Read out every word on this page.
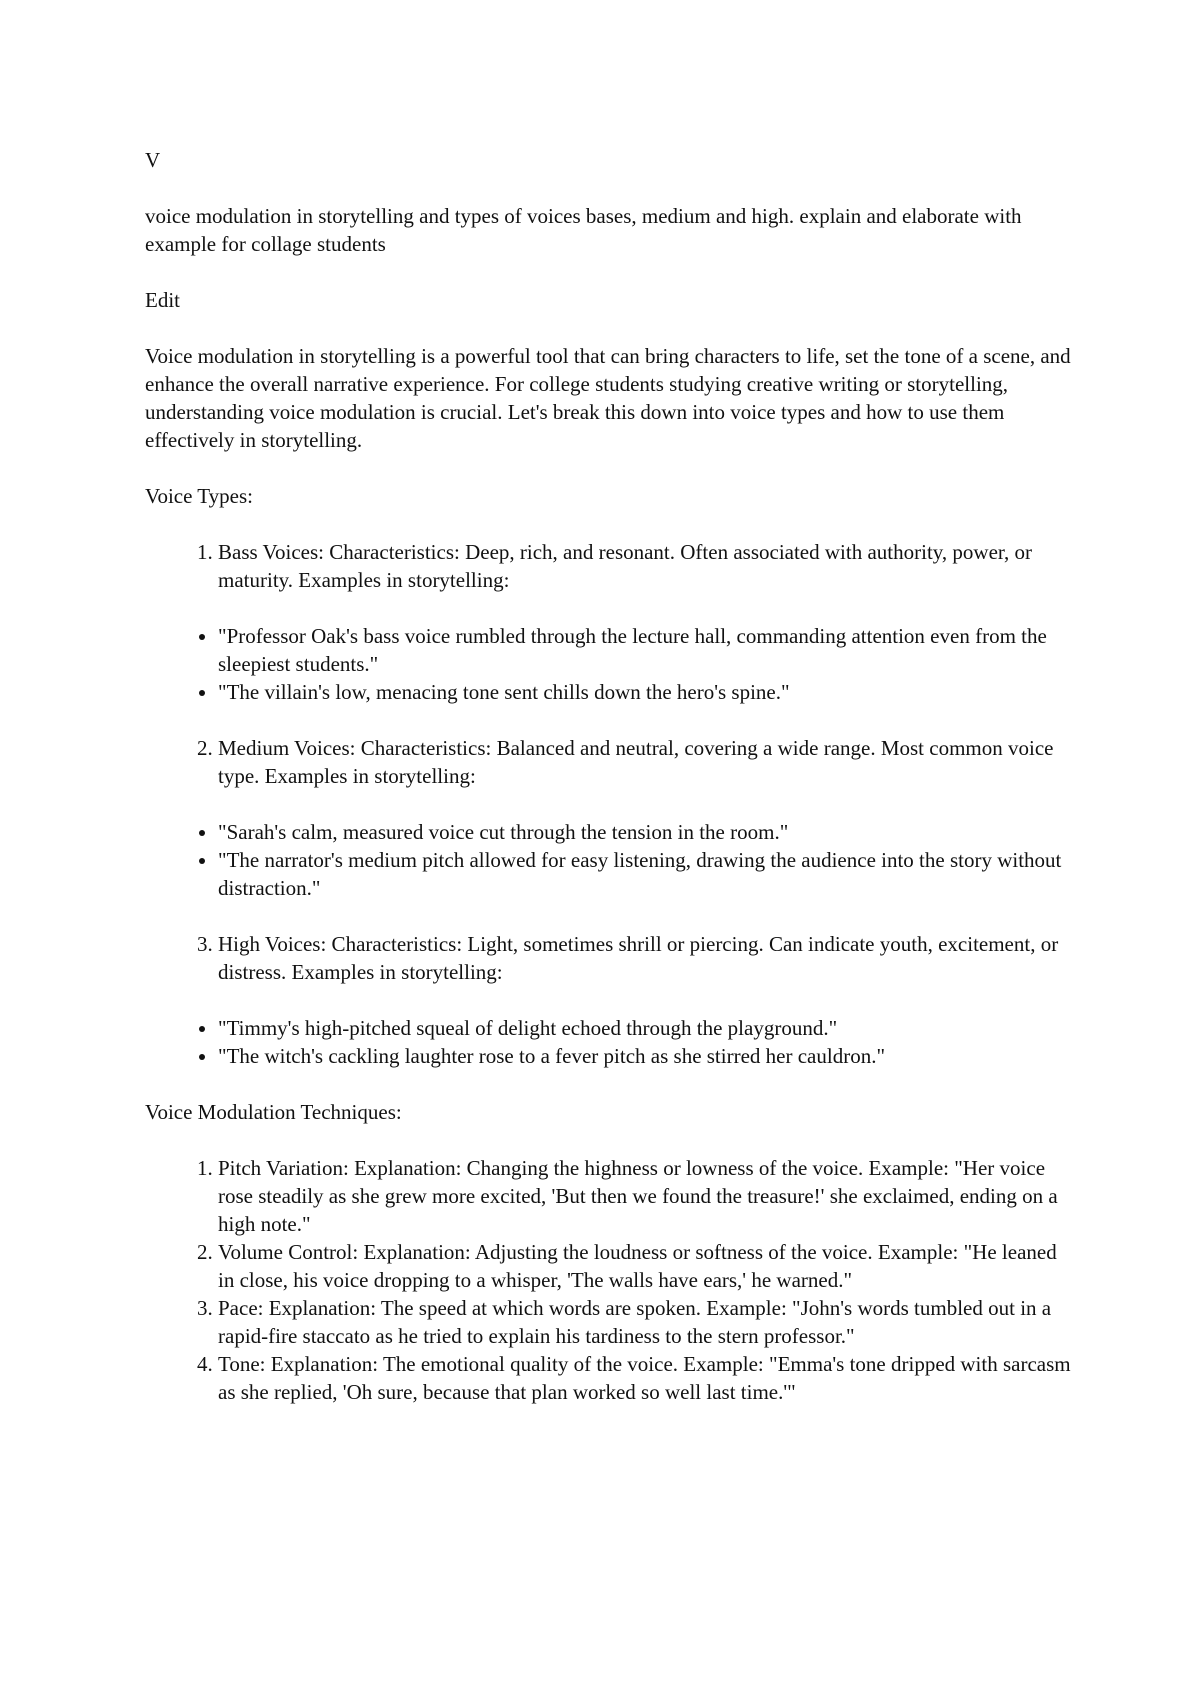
V

voice modulation in storytelling and types of voices bases, medium and high. explain and elaborate with example for collage students

Edit

Voice modulation in storytelling is a powerful tool that can bring characters to life, set the tone of a scene, and enhance the overall narrative experience. For college students studying creative writing or storytelling, understanding voice modulation is crucial. Let's break this down into voice types and how to use them effectively in storytelling.

Voice Types:

1. Bass Voices: Characteristics: Deep, rich, and resonant. Often associated with authority, power, or maturity. Examples in storytelling:
• "Professor Oak's bass voice rumbled through the lecture hall, commanding attention even from the sleepiest students."
• "The villain's low, menacing tone sent chills down the hero's spine."
2. Medium Voices: Characteristics: Balanced and neutral, covering a wide range. Most common voice type. Examples in storytelling:
• "Sarah's calm, measured voice cut through the tension in the room."
• "The narrator's medium pitch allowed for easy listening, drawing the audience into the story without distraction."
3. High Voices: Characteristics: Light, sometimes shrill or piercing. Can indicate youth, excitement, or distress. Examples in storytelling:
• "Timmy's high-pitched squeal of delight echoed through the playground."
• "The witch's cackling laughter rose to a fever pitch as she stirred her cauldron."

Voice Modulation Techniques:

1. Pitch Variation: Explanation: Changing the highness or lowness of the voice. Example: "Her voice rose steadily as she grew more excited, 'But then we found the treasure!' she exclaimed, ending on a high note."
2. Volume Control: Explanation: Adjusting the loudness or softness of the voice. Example: "He leaned in close, his voice dropping to a whisper, 'The walls have ears,' he warned."
3. Pace: Explanation: The speed at which words are spoken. Example: "John's words tumbled out in a rapid-fire staccato as he tried to explain his tardiness to the stern professor."
4. Tone: Explanation: The emotional quality of the voice. Example: "Emma's tone dripped with sarcasm as she replied, 'Oh sure, because that plan worked so well last time.'"
